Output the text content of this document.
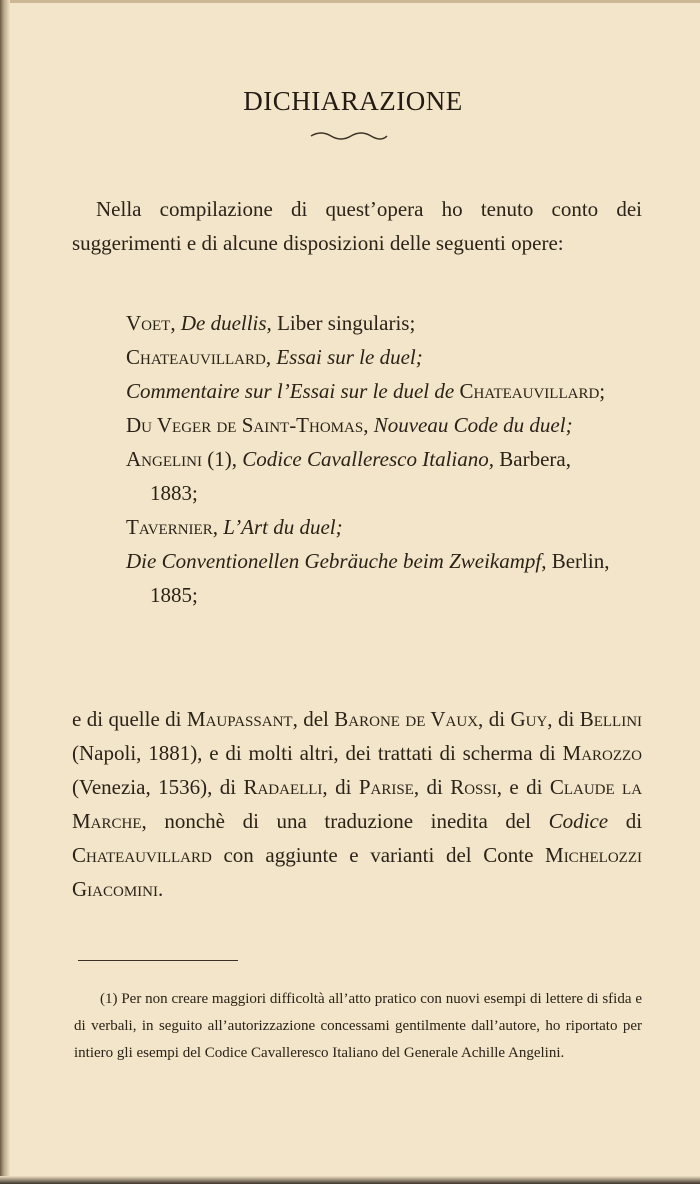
DICHIARAZIONE

Nella compilazione di quest’opera ho tenuto conto dei suggerimenti e di alcune disposizioni delle seguenti opere:

Voet, De duellis, Liber singularis;
Chateauvillard, Essai sur le duel;
Commentaire sur l’Essai sur le duel de Chateauvillard;
Du Veger de Saint-Thomas, Nouveau Code du duel;
Angelini (1), Codice Cavalleresco Italiano, Barbera, 1883;
Tavernier, L’Art du duel;
Die Conventionellen Gebräuche beim Zweikampf, Berlin, 1885;

e di quelle di Maupassant, del Barone de Vaux, di Guy, di Bellini (Napoli, 1881), e di molti altri, dei trattati di scherma di Marozzo (Venezia, 1536), di Radaelli, di Parise, di Rossi, e di Claude la Marche, nonchè di una traduzione inedita del Codice di Chateauvillard con aggiunte e varianti del Conte Michelozzi Giacomini.

(1) Per non creare maggiori difficoltà all’atto pratico con nuovi esempi di lettere di sfida e di verbali, in seguito all’autorizzazione concessami gentilmente dall’autore, ho riportato per intiero gli esempi del Codice Cavalleresco Italiano del Generale Achille Angelini.
